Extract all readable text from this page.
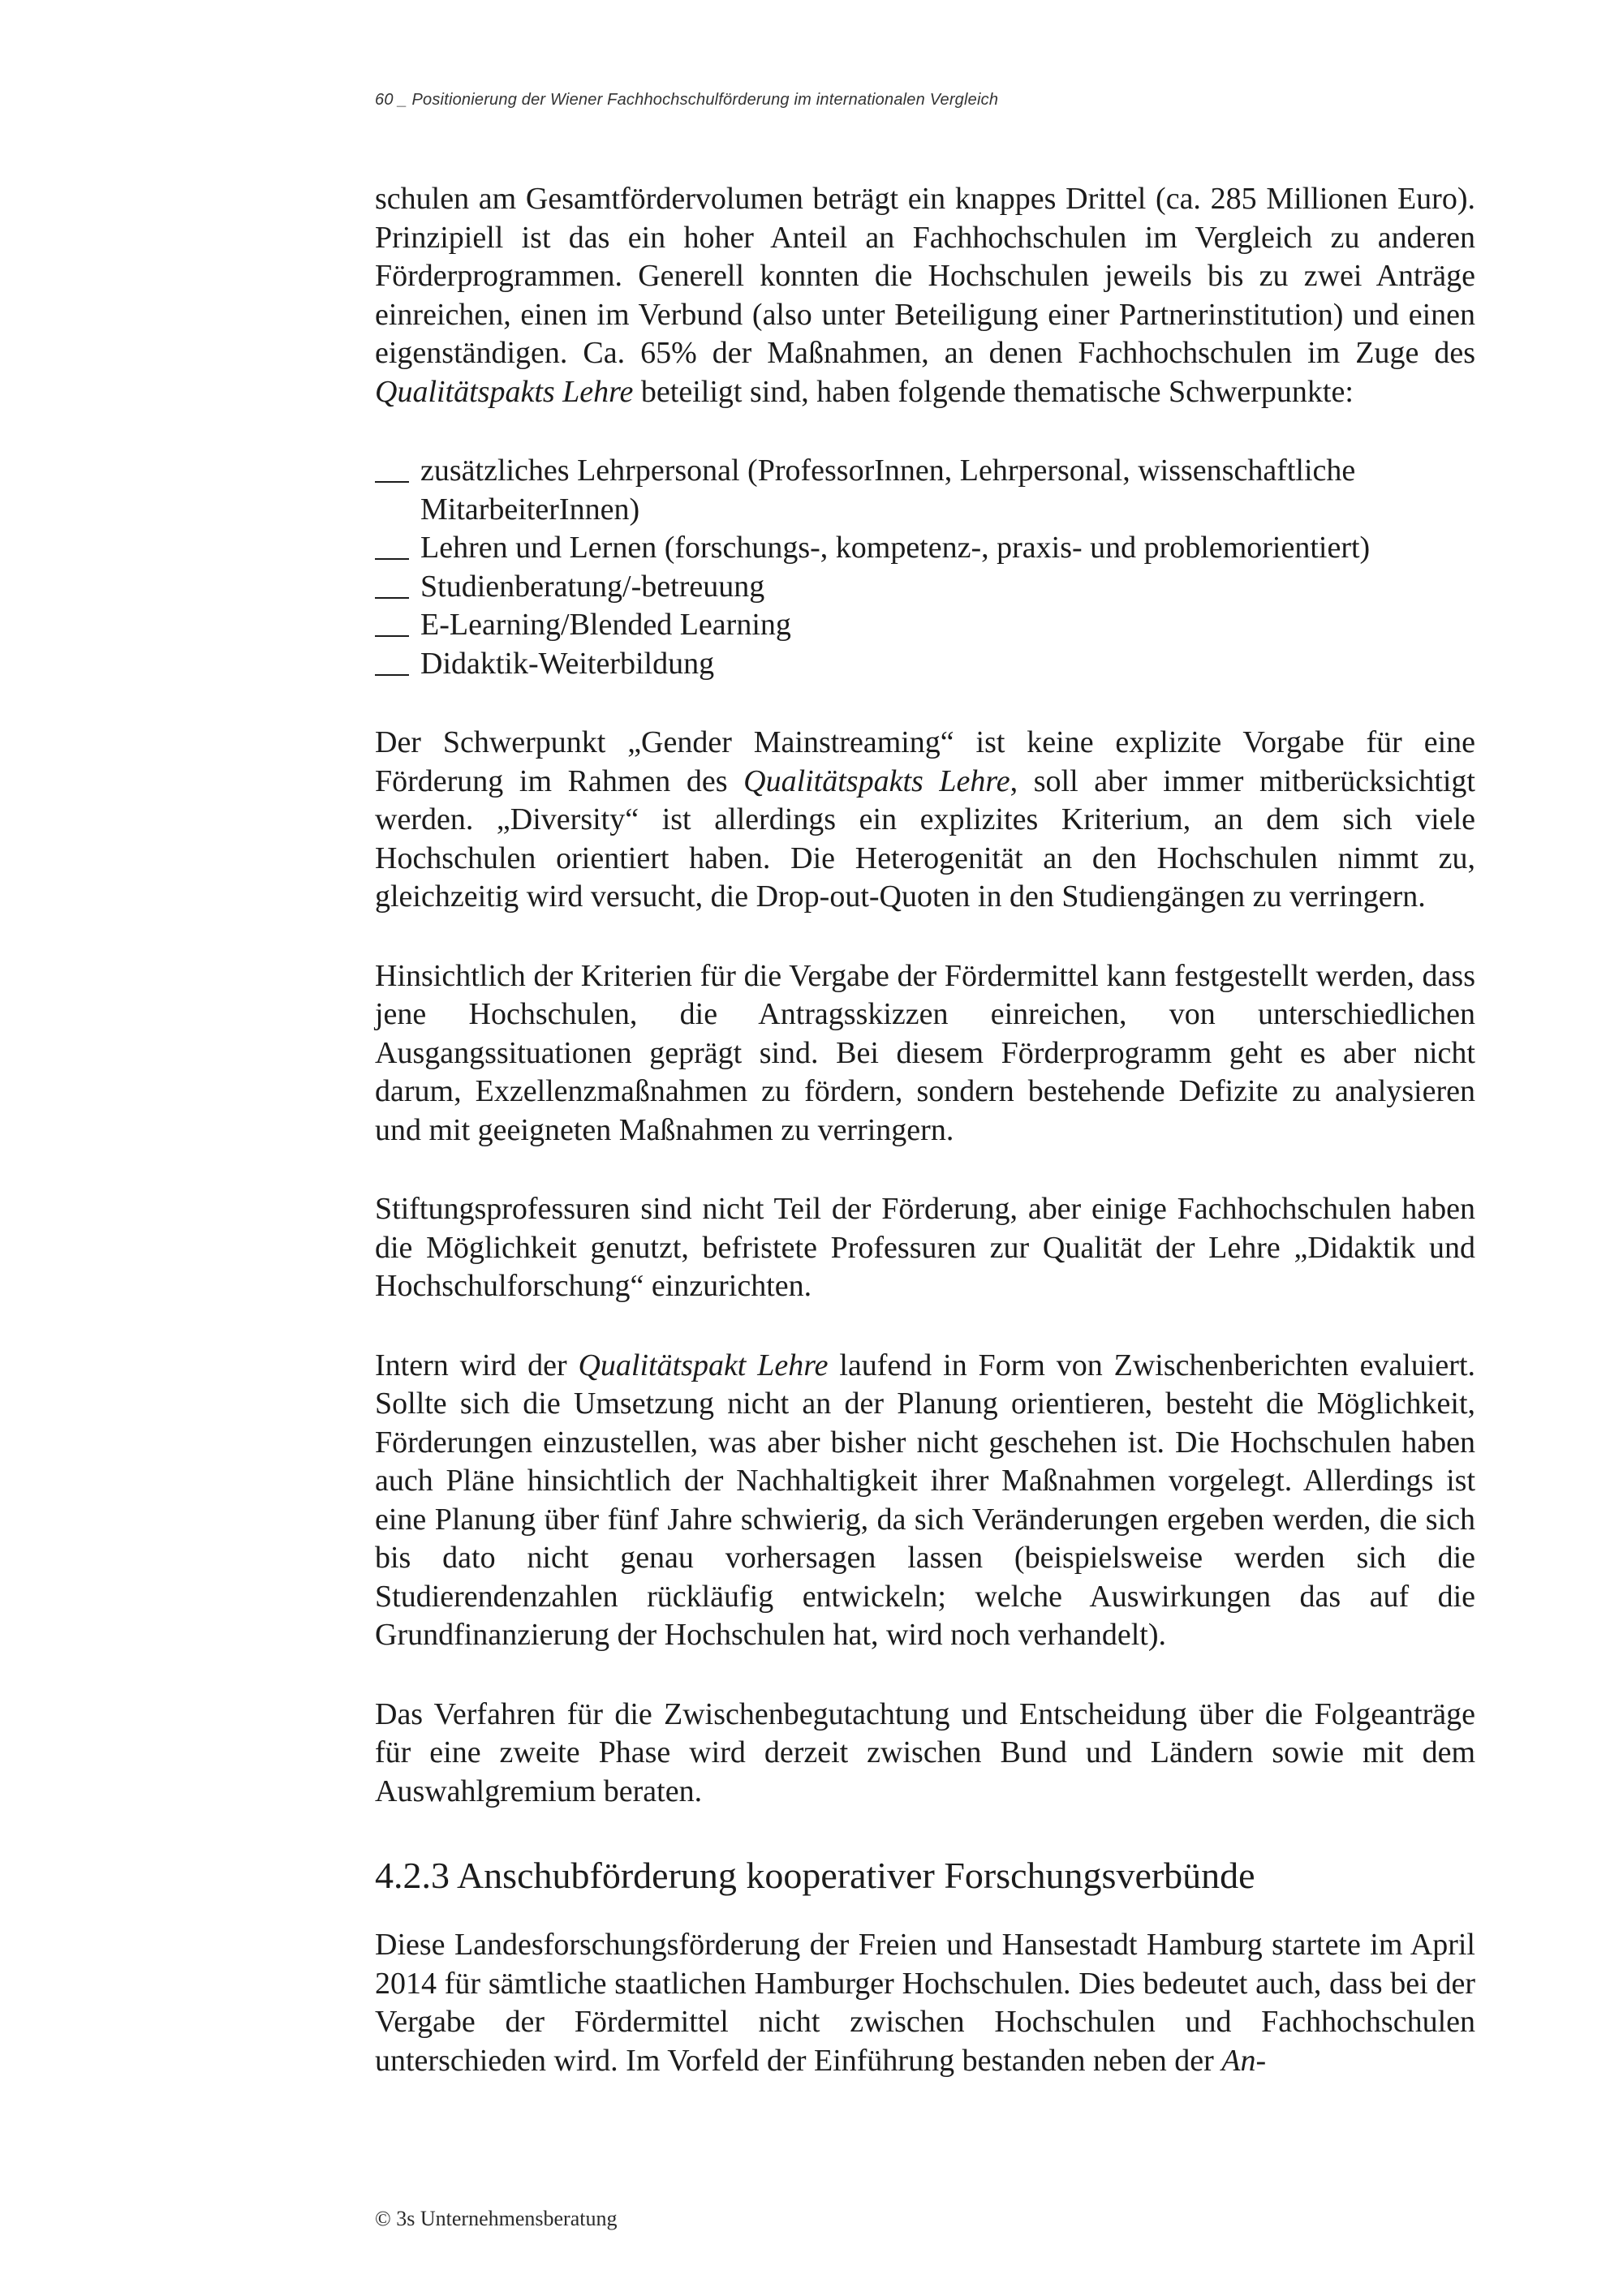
60 _ Positionierung der Wiener Fachhochschulförderung im internationalen Vergleich

schulen am Gesamtfördervolumen beträgt ein knappes Drittel (ca. 285 Millionen Euro). Prinzipiell ist das ein hoher Anteil an Fachhochschulen im Vergleich zu anderen Förderprogrammen. Generell konnten die Hochschulen jeweils bis zu zwei Anträge einreichen, einen im Verbund (also unter Beteiligung einer Partnerinstitution) und einen eigenständigen. Ca. 65% der Maßnahmen, an denen Fachhochschulen im Zuge des Qualitätspakts Lehre beteiligt sind, haben folgende thematische Schwerpunkte:

zusätzliches Lehrpersonal (ProfessorInnen, Lehrpersonal, wissenschaftliche MitarbeiterInnen)
Lehren und Lernen (forschungs-, kompetenz-, praxis- und problemorientiert)
Studienberatung/-betreuung
E-Learning/Blended Learning
Didaktik-Weiterbildung

Der Schwerpunkt „Gender Mainstreaming“ ist keine explizite Vorgabe für eine Förderung im Rahmen des Qualitätspakts Lehre, soll aber immer mitberücksichtigt werden. „Diversity“ ist allerdings ein explizites Kriterium, an dem sich viele Hochschulen orientiert haben. Die Heterogenität an den Hochschulen nimmt zu, gleichzeitig wird versucht, die Drop-out-Quoten in den Studiengängen zu verringern.

Hinsichtlich der Kriterien für die Vergabe der Fördermittel kann festgestellt werden, dass jene Hochschulen, die Antragsskizzen einreichen, von unterschiedlichen Ausgangssituationen geprägt sind. Bei diesem Förderprogramm geht es aber nicht darum, Exzellenzmaßnahmen zu fördern, sondern bestehende Defizite zu analysieren und mit geeigneten Maßnahmen zu verringern.

Stiftungsprofessuren sind nicht Teil der Förderung, aber einige Fachhochschulen haben die Möglichkeit genutzt, befristete Professuren zur Qualität der Lehre „Didaktik und Hochschulforschung“ einzurichten.

Intern wird der Qualitätspakt Lehre laufend in Form von Zwischenberichten evaluiert. Sollte sich die Umsetzung nicht an der Planung orientieren, besteht die Möglichkeit, Förderungen einzustellen, was aber bisher nicht geschehen ist. Die Hochschulen haben auch Pläne hinsichtlich der Nachhaltigkeit ihrer Maßnahmen vorgelegt. Allerdings ist eine Planung über fünf Jahre schwierig, da sich Veränderungen ergeben werden, die sich bis dato nicht genau vorhersagen lassen (beispielsweise werden sich die Studierendenzahlen rückläufig entwickeln; welche Auswirkungen das auf die Grundfinanzierung der Hochschulen hat, wird noch verhandelt).

Das Verfahren für die Zwischenbegutachtung und Entscheidung über die Folgeanträge für eine zweite Phase wird derzeit zwischen Bund und Ländern sowie mit dem Auswahlgremium beraten.

4.2.3 Anschubförderung kooperativer Forschungsverbünde

Diese Landesforschungsförderung der Freien und Hansestadt Hamburg startete im April 2014 für sämtliche staatlichen Hamburger Hochschulen. Dies bedeutet auch, dass bei der Vergabe der Fördermittel nicht zwischen Hochschulen und Fachhochschulen unterschieden wird. Im Vorfeld der Einführung bestanden neben der An-

© 3s Unternehmensberatung
